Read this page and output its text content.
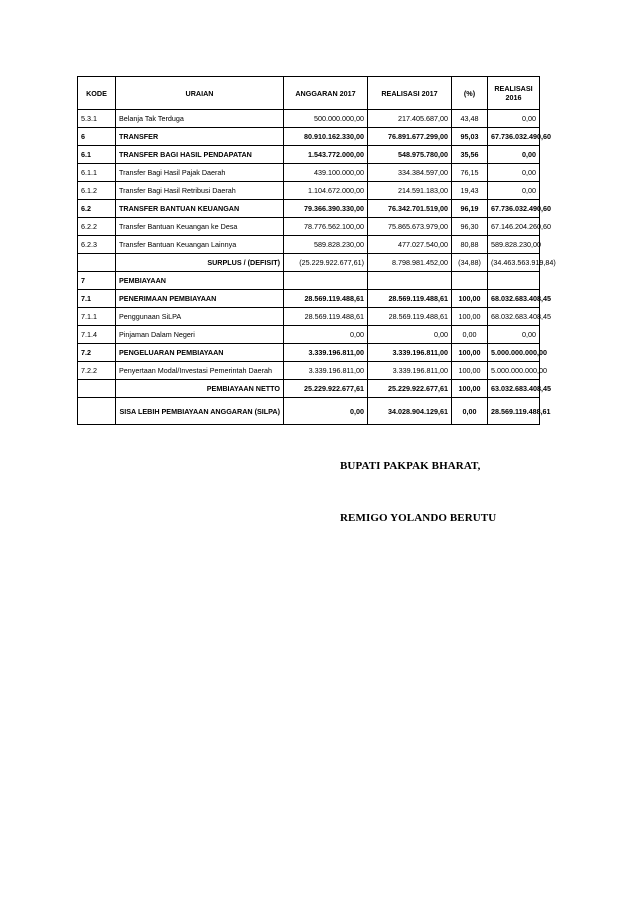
KODE	URAIAN	ANGGARAN 2017	REALISASI 2017	(%)	REALISASI 2016
5.3.1	Belanja Tak Terduga	500.000.000,00	217.405.687,00	43,48	0,00
6	TRANSFER	80.910.162.330,00	76.891.677.299,00	95,03	67.736.032.490,60
6.1	TRANSFER BAGI HASIL PENDAPATAN	1.543.772.000,00	548.975.780,00	35,56	0,00
6.1.1	Transfer Bagi Hasil Pajak Daerah	439.100.000,00	334.384.597,00	76,15	0,00
6.1.2	Transfer Bagi Hasil Retribusi Daerah	1.104.672.000,00	214.591.183,00	19,43	0,00
6.2	TRANSFER BANTUAN KEUANGAN	79.366.390.330,00	76.342.701.519,00	96,19	67.736.032.490,60
6.2.2	Transfer Bantuan Keuangan ke Desa	78.776.562.100,00	75.865.673.979,00	96,30	67.146.204.260,60
6.2.3	Transfer Bantuan Keuangan Lainnya	589.828.230,00	477.027.540,00	80,88	589.828.230,00
	SURPLUS / (DEFISIT)	(25.229.922.677,61)	8.798.981.452,00	(34,88)	(34.463.563.919,84)
7	PEMBIAYAAN				
7.1	PENERIMAAN PEMBIAYAAN	28.569.119.488,61	28.569.119.488,61	100,00	68.032.683.408,45
7.1.1	Penggunaan SiLPA	28.569.119.488,61	28.569.119.488,61	100,00	68.032.683.408,45
7.1.4	Pinjaman Dalam Negeri	0,00	0,00	0,00	0,00
7.2	PENGELUARAN PEMBIAYAAN	3.339.196.811,00	3.339.196.811,00	100,00	5.000.000.000,00
7.2.2	Penyertaan Modal/Investasi Pemerintah Daerah	3.339.196.811,00	3.339.196.811,00	100,00	5.000.000.000,00
	PEMBIAYAAN NETTO	25.229.922.677,61	25.229.922.677,61	100,00	63.032.683.408,45
	SISA LEBIH PEMBIAYAAN ANGGARAN (SILPA)	0,00	34.028.904.129,61	0,00	28.569.119.488,61
BUPATI PAKPAK BHARAT,
REMIGO YOLANDO BERUTU
